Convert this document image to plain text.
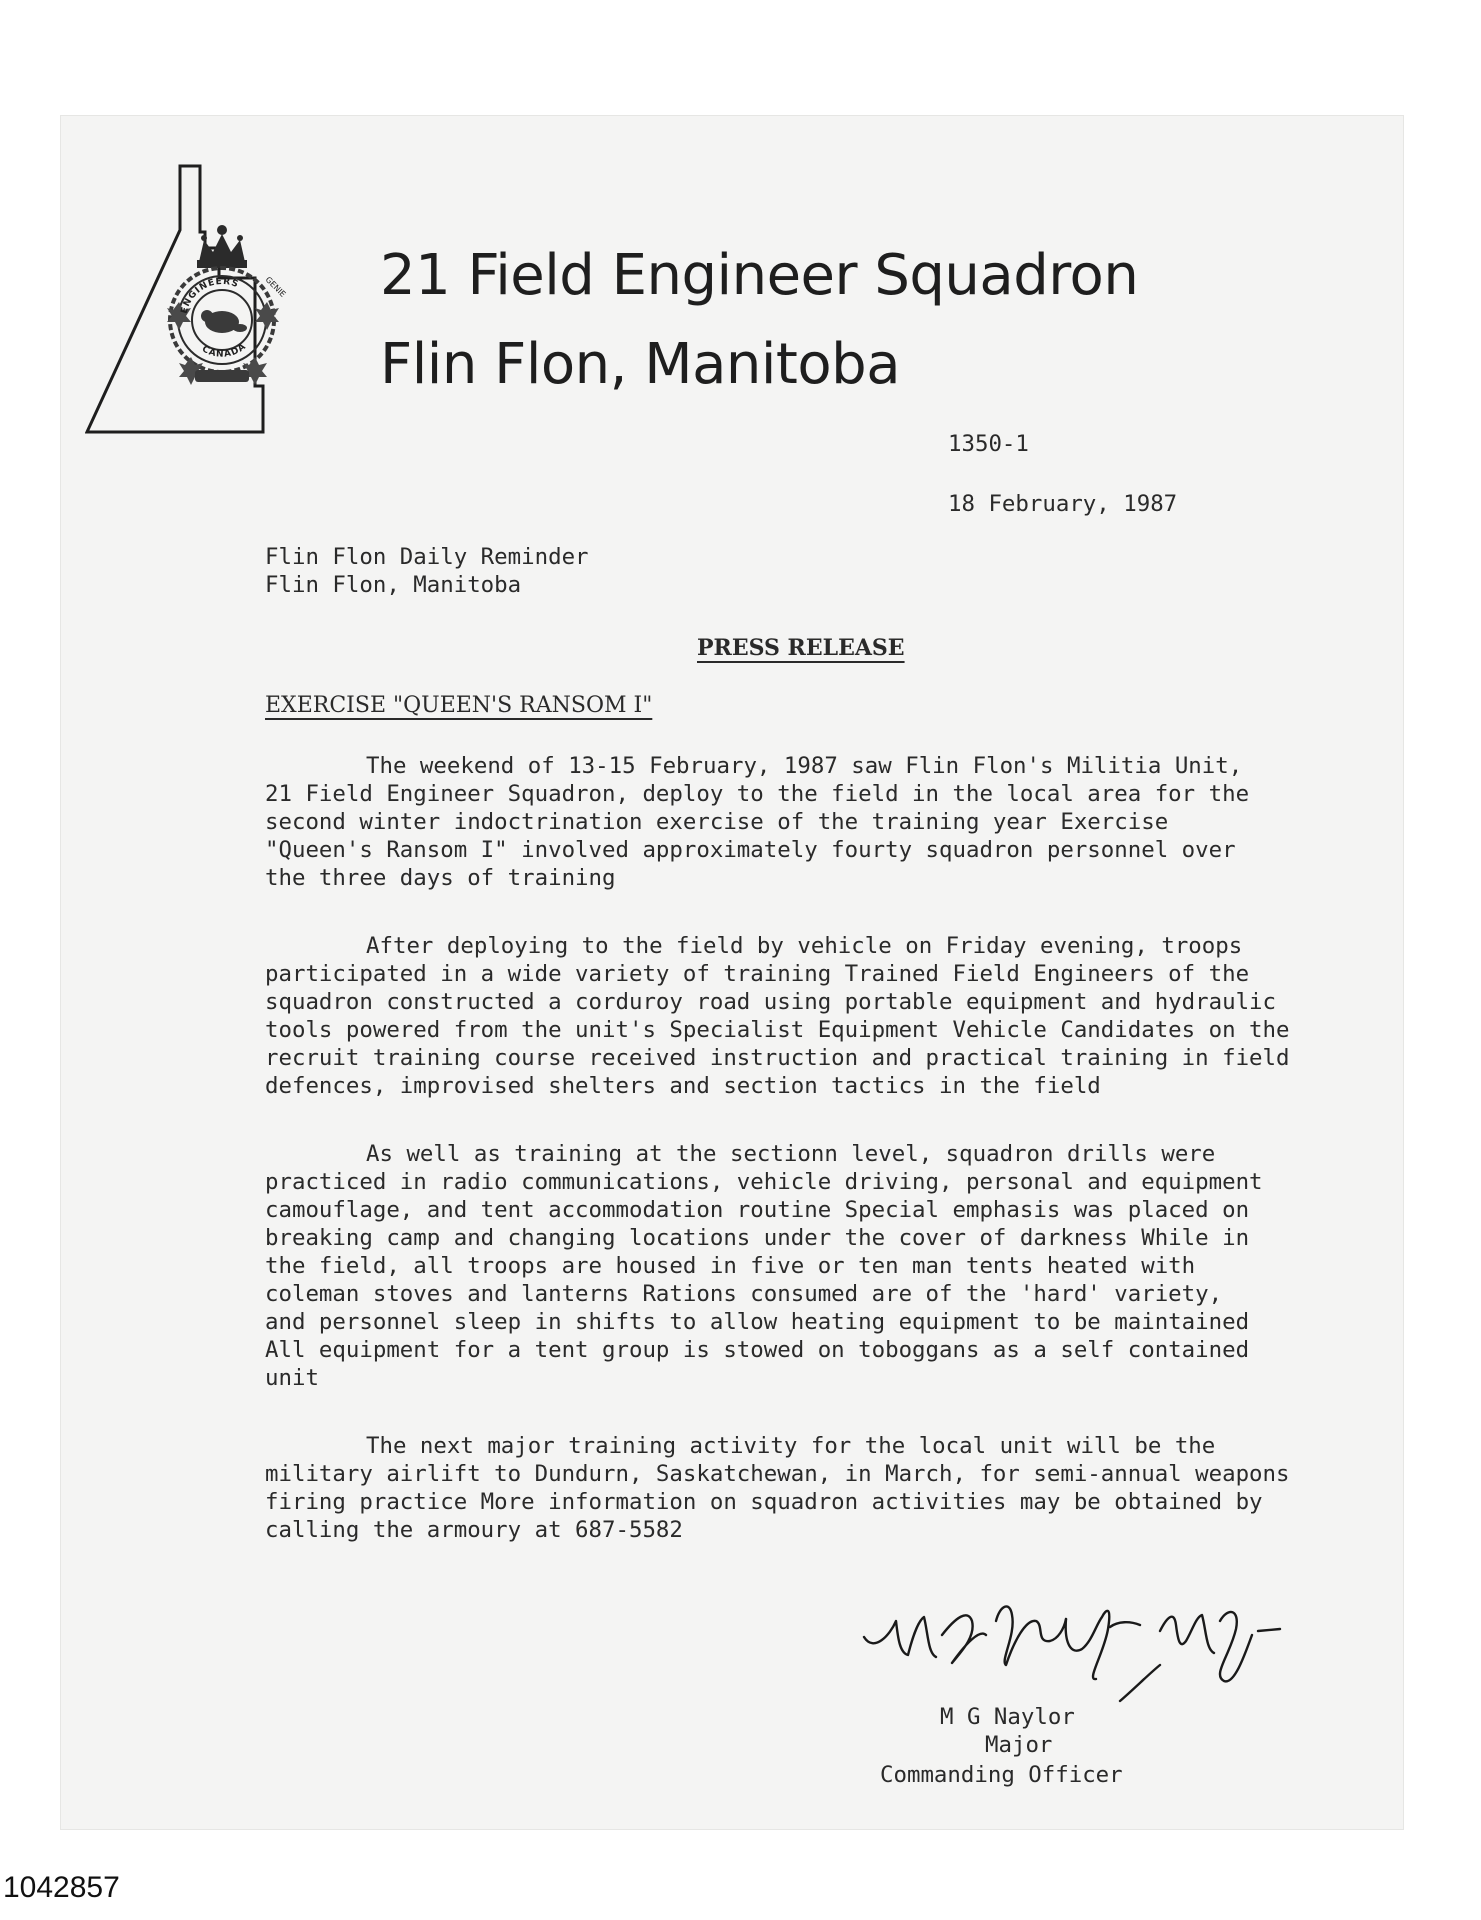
ENGINEERS
CANADA
GENIE 21 Field Engineer Squadron
Flin Flon, Manitoba
1350-1
18 February, 1987
Flin Flon Daily Reminder
Flin Flon, Manitoba
PRESS RELEASE
EXERCISE "QUEEN'S RANSOM I"
The weekend of 13-15 February, 1987 saw Flin Flon's Militia Unit,
21 Field Engineer Squadron, deploy to the field in the local area for the
second winter indoctrination exercise of the training year Exercise
"Queen's Ransom I" involved approximately fourty squadron personnel over
the three days of training
After deploying to the field by vehicle on Friday evening, troops
participated in a wide variety of training Trained Field Engineers of the
squadron constructed a corduroy road using portable equipment and hydraulic
tools powered from the unit's Specialist Equipment Vehicle Candidates on the
recruit training course received instruction and practical training in field
defences, improvised shelters and section tactics in the field
As well as training at the sectionn level, squadron drills were
practiced in radio communications, vehicle driving, personal and equipment
camouflage, and tent accommodation routine Special emphasis was placed on
breaking camp and changing locations under the cover of darkness While in
the field, all troops are housed in five or ten man tents heated with
coleman stoves and lanterns Rations consumed are of the 'hard' variety,
and personnel sleep in shifts to allow heating equipment to be maintained
All equipment for a tent group is stowed on toboggans as a self contained
unit
The next major training activity for the local unit will be the
military airlift to Dundurn, Saskatchewan, in March, for semi-annual weapons
firing practice More information on squadron activities may be obtained by
calling the armoury at 687-5582
M G Naylor
Major
Commanding Officer
1042857
